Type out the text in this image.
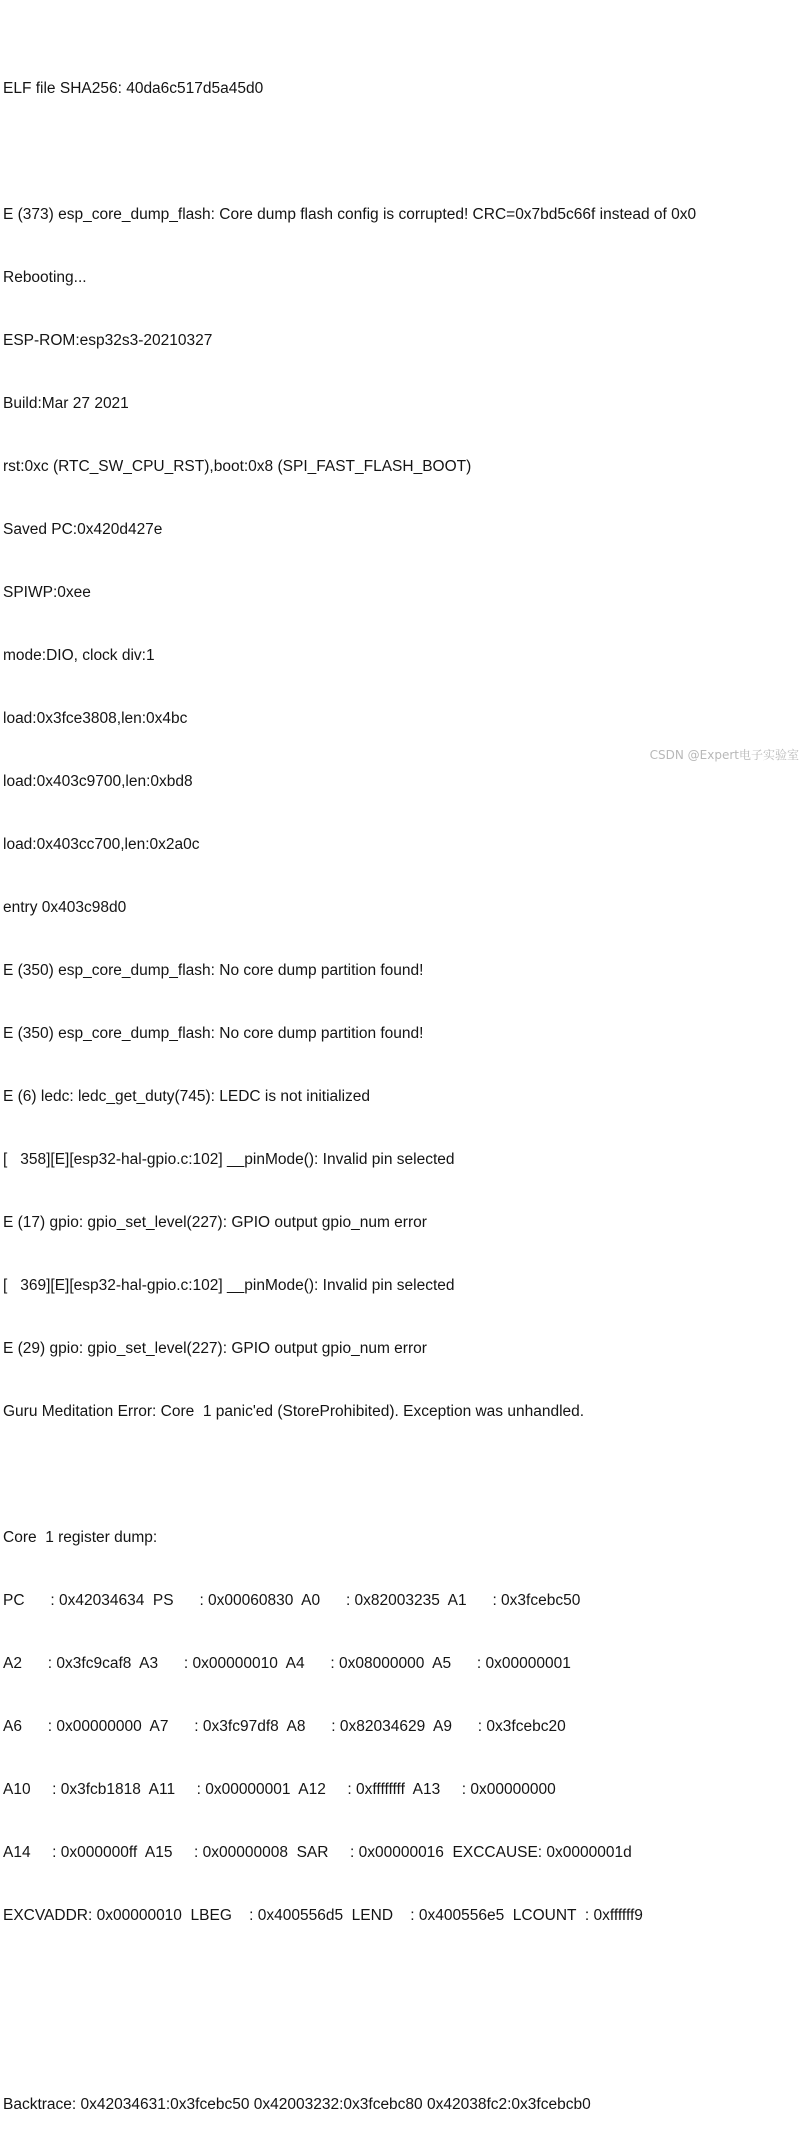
ELF file SHA256: 40da6c517d5a45d0

E (373) esp_core_dump_flash: Core dump flash config is corrupted! CRC=0x7bd5c66f instead of 0x0

Rebooting...

ESP-ROM:esp32s3-20210327

Build:Mar 27 2021

rst:0xc (RTC_SW_CPU_RST),boot:0x8 (SPI_FAST_FLASH_BOOT)

Saved PC:0x420d427e

SPIWP:0xee

mode:DIO, clock div:1

load:0x3fce3808,len:0x4bc

load:0x403c9700,len:0xbd8

load:0x403cc700,len:0x2a0c

entry 0x403c98d0

E (350) esp_core_dump_flash: No core dump partition found!

E (350) esp_core_dump_flash: No core dump partition found!

E (6) ledc: ledc_get_duty(745): LEDC is not initialized

[   358][E][esp32-hal-gpio.c:102] __pinMode(): Invalid pin selected

E (17) gpio: gpio_set_level(227): GPIO output gpio_num error

[   369][E][esp32-hal-gpio.c:102] __pinMode(): Invalid pin selected

E (29) gpio: gpio_set_level(227): GPIO output gpio_num error

Guru Meditation Error: Core  1 panic'ed (StoreProhibited). Exception was unhandled.

Core  1 register dump:

PC      : 0x42034634  PS      : 0x00060830  A0      : 0x82003235  A1      : 0x3fcebc50

A2      : 0x3fc9caf8  A3      : 0x00000010  A4      : 0x08000000  A5      : 0x00000001

A6      : 0x00000000  A7      : 0x3fc97df8  A8      : 0x82034629  A9      : 0x3fcebc20

A10     : 0x3fcb1818  A11     : 0x00000001  A12     : 0xffffffff  A13     : 0x00000000

A14     : 0x000000ff  A15     : 0x00000008  SAR     : 0x00000016  EXCCAUSE: 0x0000001d

EXCVADDR: 0x00000010  LBEG    : 0x400556d5  LEND    : 0x400556e5  LCOUNT  : 0xffffff9

Backtrace: 0x42034631:0x3fcebc50 0x42003232:0x3fcebc80 0x42038fc2:0x3fcebcb0

CSDN @Expert电子实验室
